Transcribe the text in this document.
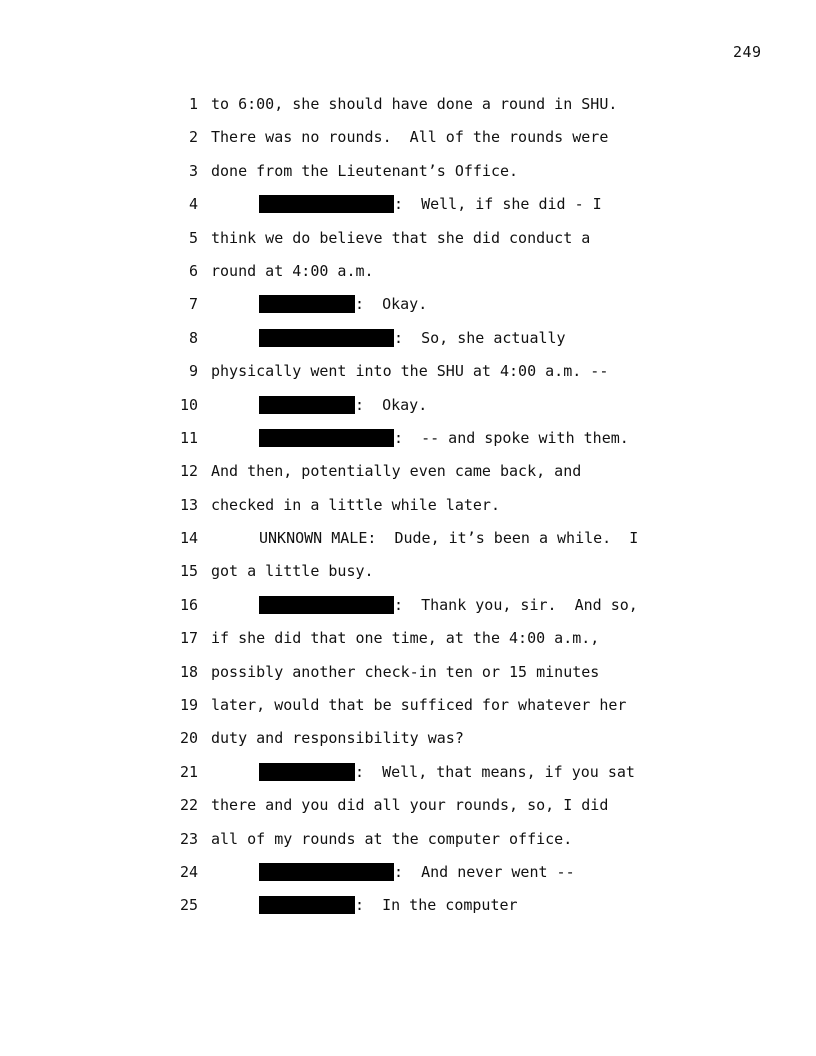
249
1 to 6:00, she should have done a round in SHU.
2 There was no rounds.  All of the rounds were
3 done from the Lieutenant’s Office.
4	:  Well, if she did - I
5 think we do believe that she did conduct a
6 round at 4:00 a.m.
7	:  Okay.
8	:  So, she actually
9 physically went into the SHU at 4:00 a.m. --
10	:  Okay.
11	:  -- and spoke with them.
12 And then, potentially even came back, and
13 checked in a little while later.
14	UNKNOWN MALE:  Dude, it’s been a while.  I
15 got a little busy.
16	:  Thank you, sir.  And so,
17 if she did that one time, at the 4:00 a.m.,
18 possibly another check-in ten or 15 minutes
19 later, would that be sufficed for whatever her
20 duty and responsibility was?
21	:  Well, that means, if you sat
22 there and you did all your rounds, so, I did
23 all of my rounds at the computer office.
24	:  And never went --
25	:  In the computer
